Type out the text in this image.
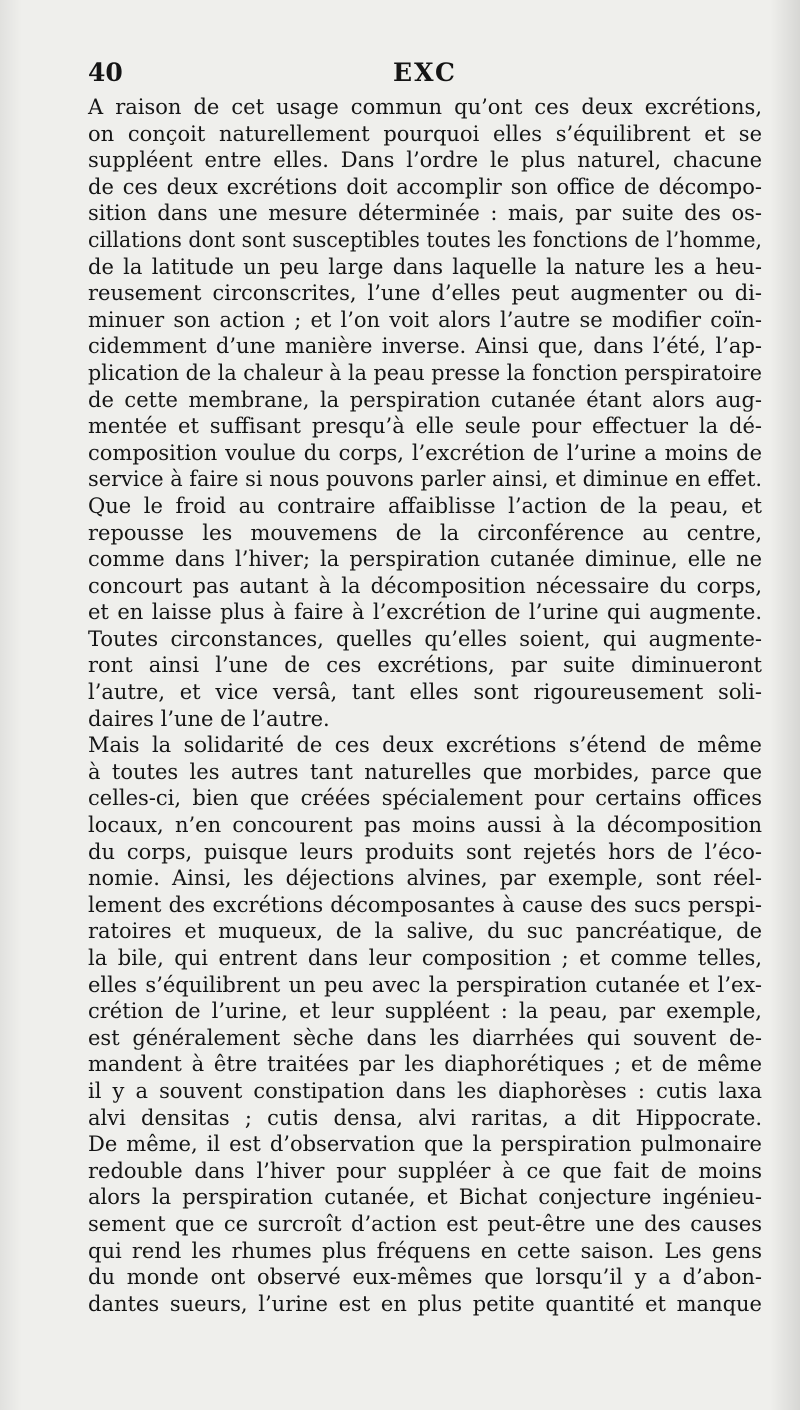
40	EXC
A raison de cet usage commun qu’ont ces deux excrétions,
on conçoit naturellement pourquoi elles s’équilibrent et se
suppléent entre elles. Dans l’ordre le plus naturel, chacune
de ces deux excrétions doit accomplir son office de décompo-
sition dans une mesure déterminée : mais, par suite des os-
cillations dont sont susceptibles toutes les fonctions de l’homme,
de la latitude un peu large dans laquelle la nature les a heu-
reusement circonscrites, l’une d’elles peut augmenter ou di-
minuer son action ; et l’on voit alors l’autre se modifier coïn-
cidemment d’une manière inverse. Ainsi que, dans l’été, l’ap-
plication de la chaleur à la peau presse la fonction perspiratoire
de cette membrane, la perspiration cutanée étant alors aug-
mentée et suffisant presqu’à elle seule pour effectuer la dé-
composition voulue du corps, l’excrétion de l’urine a moins de
service à faire si nous pouvons parler ainsi, et diminue en effet.
Que le froid au contraire affaiblisse l’action de la peau, et
repousse les mouvemens de la circonférence au centre,
comme dans l’hiver; la perspiration cutanée diminue, elle ne
concourt pas autant à la décomposition nécessaire du corps,
et en laisse plus à faire à l’excrétion de l’urine qui augmente.
Toutes circonstances, quelles qu’elles soient, qui augmente-
ront ainsi l’une de ces excrétions, par suite diminueront
l’autre, et vice versâ, tant elles sont rigoureusement soli-
daires l’une de l’autre.
Mais la solidarité de ces deux excrétions s’étend de même
à toutes les autres tant naturelles que morbides, parce que
celles-ci, bien que créées spécialement pour certains offices
locaux, n’en concourent pas moins aussi à la décomposition
du corps, puisque leurs produits sont rejetés hors de l’éco-
nomie. Ainsi, les déjections alvines, par exemple, sont réel-
lement des excrétions décomposantes à cause des sucs perspi-
ratoires et muqueux, de la salive, du suc pancréatique, de
la bile, qui entrent dans leur composition ; et comme telles,
elles s’équilibrent un peu avec la perspiration cutanée et l’ex-
crétion de l’urine, et leur suppléent : la peau, par exemple,
est généralement sèche dans les diarrhées qui souvent de-
mandent à être traitées par les diaphorétiques ; et de même
il y a souvent constipation dans les diaphorèses : cutis laxa
alvi densitas ; cutis densa, alvi raritas, a dit Hippocrate.
De même, il est d’observation que la perspiration pulmonaire
redouble dans l’hiver pour suppléer à ce que fait de moins
alors la perspiration cutanée, et Bichat conjecture ingénieu-
sement que ce surcroît d’action est peut-être une des causes
qui rend les rhumes plus fréquens en cette saison. Les gens
du monde ont observé eux-mêmes que lorsqu’il y a d’abon-
dantes sueurs, l’urine est en plus petite quantité et manque
